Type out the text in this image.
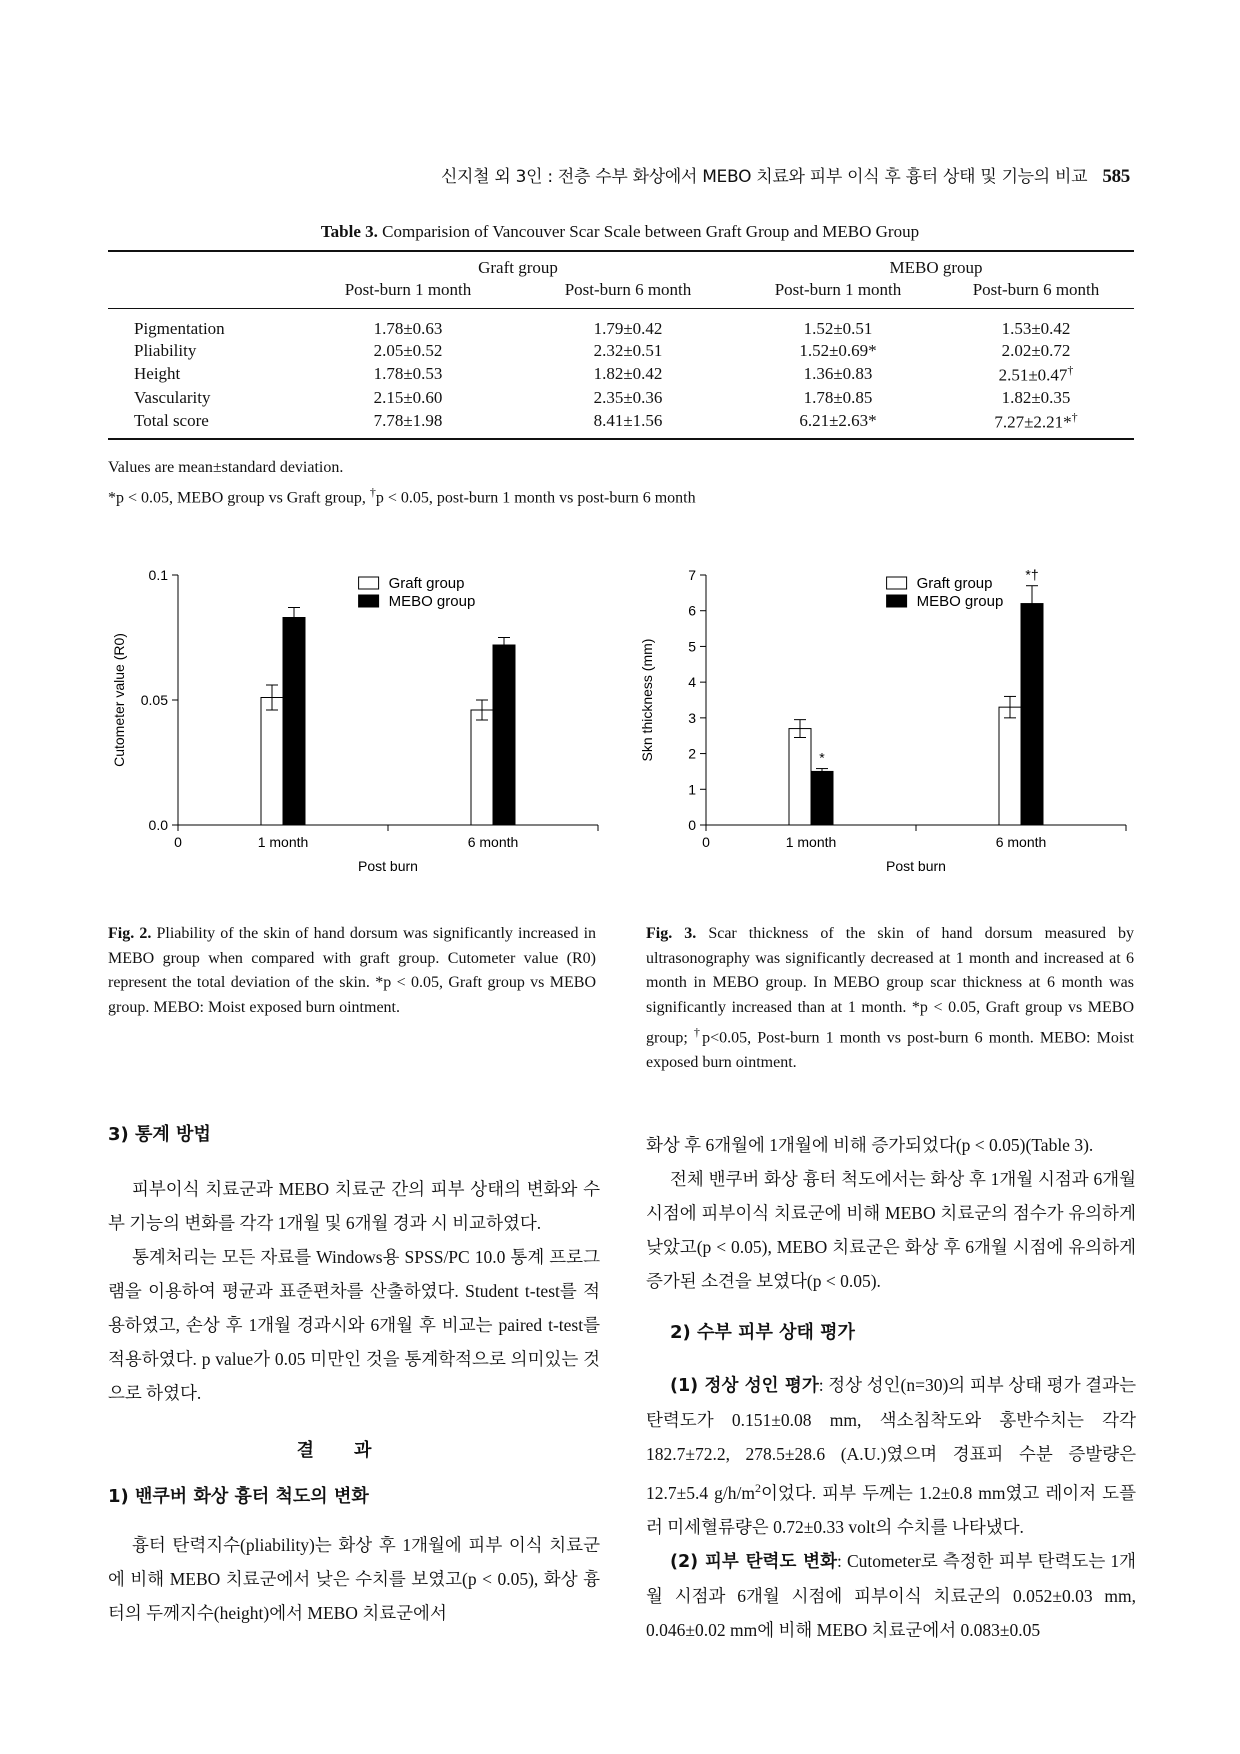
신지철 외 3인 : 전층 수부 화상에서 MEBO 치료와 피부 이식 후 흉터 상태 및 기능의 비교 585
Table 3. Comparision of Vancouver Scar Scale between Graft Group and MEBO Group

	Graft group		MEBO group	
	Post-burn 1 month	Post-burn 6 month	Post-burn 1 month	Post-burn 6 month
Pigmentation	1.78±0.63	1.79±0.42	1.52±0.51	1.53±0.42
Pliability	2.05±0.52	2.32±0.51	1.52±0.69*	2.02±0.72
Height	1.78±0.53	1.82±0.42	1.36±0.83	2.51±0.47†
Vascularity	2.15±0.60	2.35±0.36	1.78±0.85	1.82±0.35
Total score	7.78±1.98	8.41±1.56	6.21±2.63*	7.27±2.21*†
Values are mean±standard deviation.
*p < 0.05, MEBO group vs Graft group, †p < 0.05, post-burn 1 month vs post-burn 6 month
0.0
0.05
0.1
Cutometer value (R0)
0	1 month	6 month
Post burn
Graft group
MEBO group
0
1
2
3
4
5
6
7
Skn thickness (mm)
0	1 month
*
6 month
*†
Post burn
Graft group
MEBO group
Fig. 2. Pliability of the skin of hand dorsum was significantly increased in MEBO group when compared with graft group. Cutometer value (R0) represent the total deviation of the skin. *p < 0.05, Graft group vs MEBO group. MEBO: Moist exposed burn ointment.
Fig. 3. Scar thickness of the skin of hand dorsum measured by ultrasonography was significantly decreased at 1 month and increased at 6 month in MEBO group. In MEBO group scar thickness at 6 month was significantly increased than at 1 month. *p < 0.05, Graft group vs MEBO group; †p<0.05, Post-burn 1 month vs post-burn 6 month. MEBO: Moist exposed burn ointment.
3) 통계 방법

피부이식 치료군과 MEBO 치료군 간의 피부 상태의 변화와 수부 기능의 변화를 각각 1개월 및 6개월 경과 시 비교하였다.

통계처리는 모든 자료를 Windows용 SPSS/PC 10.0 통계 프로그램을 이용하여 평균과 표준편차를 산출하였다. Student t-test를 적용하였고, 손상 후 1개월 경과시와 6개월 후 비교는 paired t-test를 적용하였다. p value가 0.05 미만인 것을 통계학적으로 의미있는 것으로 하였다.

결과
1) 밴쿠버 화상 흉터 척도의 변화

흉터 탄력지수(pliability)는 화상 후 1개월에 피부 이식 치료군에 비해 MEBO 치료군에서 낮은 수치를 보였고(p < 0.05), 화상 흉터의 두께지수(height)에서 MEBO 치료군에서

화상 후 6개월에 1개월에 비해 증가되었다(p < 0.05)(Table 3).

전체 밴쿠버 화상 흉터 척도에서는 화상 후 1개월 시점과 6개월 시점에 피부이식 치료군에 비해 MEBO 치료군의 점수가 유의하게 낮았고(p < 0.05), MEBO 치료군은 화상 후 6개월 시점에 유의하게 증가된 소견을 보였다(p < 0.05).

2) 수부 피부 상태 평가

(1) 정상 성인 평가: 정상 성인(n=30)의 피부 상태 평가 결과는 탄력도가 0.151±0.08 mm, 색소침착도와 홍반수치는 각각 182.7±72.2, 278.5±28.6 (A.U.)였으며 경표피 수분 증발량은 12.7±5.4 $g/h/m^2$이었다. 피부 두께는 1.2±0.8 mm였고 레이저 도플러 미세혈류량은 0.72±0.33 volt의 수치를 나타냈다.

(2) 피부 탄력도 변화: Cutometer로 측정한 피부 탄력도는 1개월 시점과 6개월 시점에 피부이식 치료군의 0.052±0.03 mm, 0.046±0.02 mm에 비해 MEBO 치료군에서 0.083±0.05
